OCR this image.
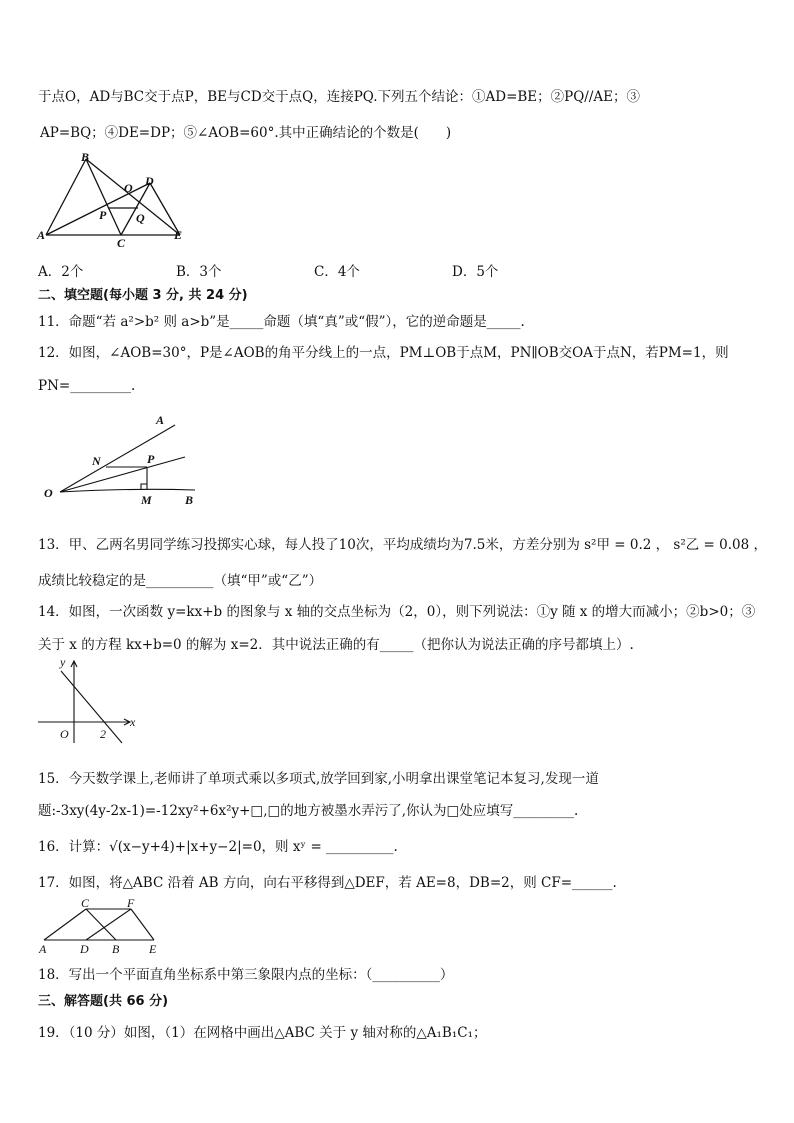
于点O，AD与BC交于点P，BE与CD交于点Q，连接PQ.下列五个结论：①AD=BE；②PQ//AE；③
AP=BQ；④DE=DP；⑤∠AOB=60°.其中正确结论的个数是(　　)
B
O D
P Q
A
C
E
A．2个	B．3个	C．4个	D．5个
二、填空题(每小题 3 分, 共 24 分)
11．命题“若 a²>b² 则 a>b”是_____命题（填“真”或“假”），它的逆命题是_____.
12．如图，∠AOB=30°，P是∠AOB的角平分线上的一点，PM⊥OB于点M，PN∥OB交OA于点N，若PM=1，则
PN=_________.
A
N	P
O	M	B
13．甲、乙两名男同学练习投掷实心球，每人投了10次，平均成绩均为7.5米，方差分别为 s²甲 = 0.2 ， s²乙 = 0.08 ，
成绩比较稳定的是__________（填“甲”或“乙”）
14．如图，一次函数 y=kx+b 的图象与 x 轴的交点坐标为（2，0），则下列说法：①y 随 x 的增大而减小；②b>0；③
关于 x 的方程 kx+b=0 的解为 x=2．其中说法正确的有_____（把你认为说法正确的序号都填上）.
y
x
O	2
15．今天数学课上,老师讲了单项式乘以多项式,放学回到家,小明拿出课堂笔记本复习,发现一道
题:-3xy(4y-2x-1)=-12xy²+6x²y+□,□的地方被墨水弄污了,你认为□处应填写_________.
16．计算：√(x−y+4)+|x+y−2|=0，则 xʸ = __________.
17．如图，将△ABC 沿着 AB 方向，向右平移得到△DEF，若 AE=8，DB=2，则 CF=______.
C	F
A	D B E
18．写出一个平面直角坐标系中第三象限内点的坐标：（__________）
三、解答题(共 66 分)
19．（10 分）如图，（1）在网格中画出△ABC 关于 y 轴对称的△A₁B₁C₁；
